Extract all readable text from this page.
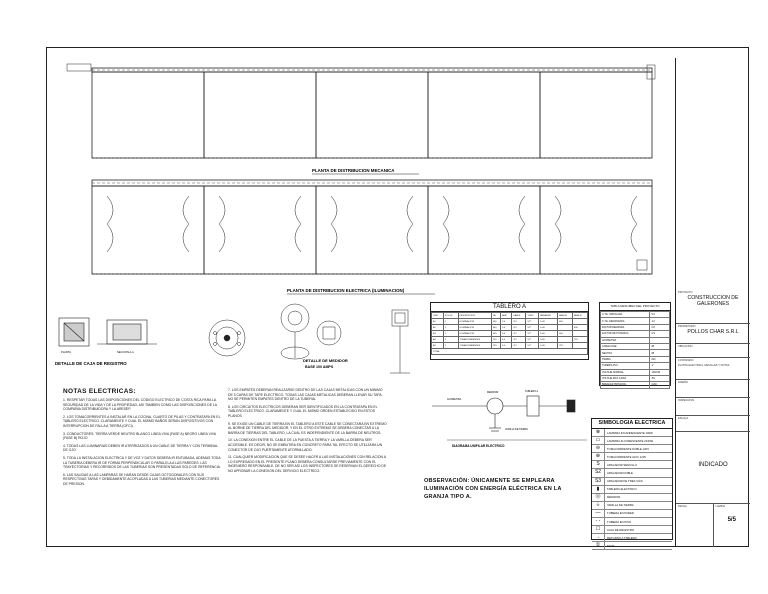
PLANTA DE DISTRIBUCION MECANICA
PLANTA DE DISTRIBUCION ELECTRICA (ILUMINACION)
PLANTA	SECCION A-A
DETALLE DE CAJA DE REGISTRO
DETALLE DE MEDIDOR
BASE 100 AMPS
ACOMETIDA
MEDIDOR	TABLERO A
VARILLA DE TIERRA
DIAGRAMA UNIFILAR ELECTRICO
NOTAS ELECTRICAS:

1. RESPETAR TODAS LAS DISPOSICIONES DEL CODIGO ELECTRICO DE COSTA RICA PARA LA SEGURIDAD DE LA VIDA Y DE LA PROPIEDAD, ASI TAMBIEN COMO LAS DISPOSICIONES DE LA COMPAÑIA DISTRIBUIDORA Y LA ARESEP.

2. LOS TOMACORRIENTES A INSTALAR EN LA COCINA, CUARTO DE PILAS Y CONTRATAPA EN EL TABLERO ELECTRICO. CLARAMENTE Y CUAL EL MISMO BAÑOS SERAN DISPOSITIVOS CON INTERRUPCION DE FALLA A TIERRA (GFCI).

3. CONDUCTORES: TIERRA VERDE NEUTRO BLANCO LINEA VIVA (FASE A) NEGRO LINEA VIVA (FASE B) ROJO

4. TODAS LAS LUMINARIAS DEBEN IR ATERRIZADOS A UN CABLE DE TIERRA Y CON TERMINAL DE OJO.

5. TODA LA INSTALACION ELECTRICA Y DE VOZ Y DATOS DEBERA IR ENTUBADA. ADEMAS TODA LA TUBERIA DEBERA IR DE FORMA PERPENDICULAR O PARALELA A LAS PAREDES. LAS TRAYECTORIAS Y RECORRIDOS DE LAS TUBERIAS SON PRESENTADAS SOLO DE REFERENCIA.

6. LAS SALIDAS A LAS LAMPARAS SE HARAN DESDE CAJAS OCTOGONALES CON SUS RESPECTIVAS TAPAS Y DEBIDAMENTE ACOPLADAS A LAS TUBERIAS MEDIANTE CONECTORES DE PRESION.

7. LOS EMPATES DEBERAN REALIZARSE DENTRO DE LAS CAJAS METALICAS CON UN MINIMO DE 3 CAPAS DE TAPE ELECTRICO. TODAS LAS CAJAS METALICAS DEBERAN LLEVAR SU TAPA. NO SE PERMITEN EMPATES DENTRO DE LA TUBERIA.

8. LOS CIRCUITOS ELECTRICOS DEBERAN SER IDENTIFICADOS EN LA CONTRATAPA EN EL TABLERO ELECTRICO. CLARAMENTE Y CUAL EL MISMO ORDEN ESTABLECIDO EN ESTOS PLANOS.

9. SE EXIGE UN CABLE DE TIERRA EN EL TABLERO A ESTE CABLE SE CONECTARA EN EXTREMO AL BORNE DE TIERRA DEL MEDIDOR, Y EN EL OTRO EXTREMO SE DEBERA CONECTAR A LA BARRA DE TIERRAS DEL TABLERO, LA CUAL ES INDEPENDIENTE DE LA BARRA DE NEUTROS.

10. LA CONEXION ENTRE EL CABLE DE LA PUESTA A TIERRA Y LA VARILLA DEBERA SER ACCESIBLE. ES DECIR, NO SE EMBUTIRA EN CONCRETO PARA TAL EFECTO SE UTILIZARA UN CONECTOR DE OJO PUERTAMENTE ATORNILLADO.

11. CUALQUIER MODIFICACION QUE SE DESEE HACER A LAS INSTALACIONES CON RELACION A LO EXPRESADO EN EL PRESENTE PLANO DEBERA CONSULTARSE PREVIAMENTE CON EL INGENIERO RESPONSABLE. DE NO SER ASI LOS INSPECTORES SE RESERVAN EL DERECHO DE NO APROBAR LA CONEXION DEL SERVICIO ELECTRICO.

TABLERO A
CIRC	POLOS	DESCRIPCION	VA	AMP	CABLE	TUBO	BREAKER	FASE A	FASE B
A1	1	ILUMINACION	400	3.6	#12	1/2"	1x20	400	
A2	1	ILUMINACION	400	3.6	#12	1/2"	1x20		400
A3	1	ILUMINACION	400	3.6	#12	1/2"	1x20	400	
A4	1	TOMACORRIENTES	720	6.0	#12	1/2"	1x20		720
A5	1	TOMACORRIENTES	720	6.0	#12	1/2"	1x20	720	
TOTAL									
TABLA RESUMEN DEL PROYECTO
C.T.E. INSTALADA	5.6
C.T.E. DEMANDADA	4.2
FACTOR DEMANDA	0.8
FACTOR DE POTENCIA	0.9
ACOMETIDA	
CABLE FASE	#8
NEUTRO	#8
TIERRA	#10
TUBERIA PVC	1"
VOLTAJE NOMINAL	120/240
VOLTAJE MAX CAIDA	3%
BREAKER PRINCIPAL	2x60
OBSERVACIÓN: ÚNICAMENTE SE EMPLEARA ILUMINACIÓN CON ENERGÍA ELÉCTRICA EN LA GRANJA TIPO A.
SIMBOLOGIA ELECTRICA
⊗	LAMPARA INCANDESCENTE 100W
▭	LAMPARA FLUORESCENTE 2X40W
⊖	TOMACORRIENTE DOBLE 120V
⊕	TOMACORRIENTE GFCI 120V
S	APAGADOR SENCILLO
S2	APAGADOR DOBLE
S3	APAGADOR DE TRES VIAS
▮	TABLERO ELECTRICO
Ⓜ	MEDIDOR
⏚	VARILLA DE TIERRA
—	TUBERIA EN PARED
- -	TUBERIA EN PISO
☐	CAJA DE REGISTRO
→	RETORNO A TABLERO
①	NOTA
PROYECTO
CONSTRUCCION DE GALERONES
PROPIETARIO
POLLOS CHAR S.R.L
UBICACION
CONTENIDO
PLANTA ELECTRICA, DETALLES Y NOTAS
DISEÑO
INSPECCION
ESCALA
INDICADO
FECHA	LAMINA
5/5
